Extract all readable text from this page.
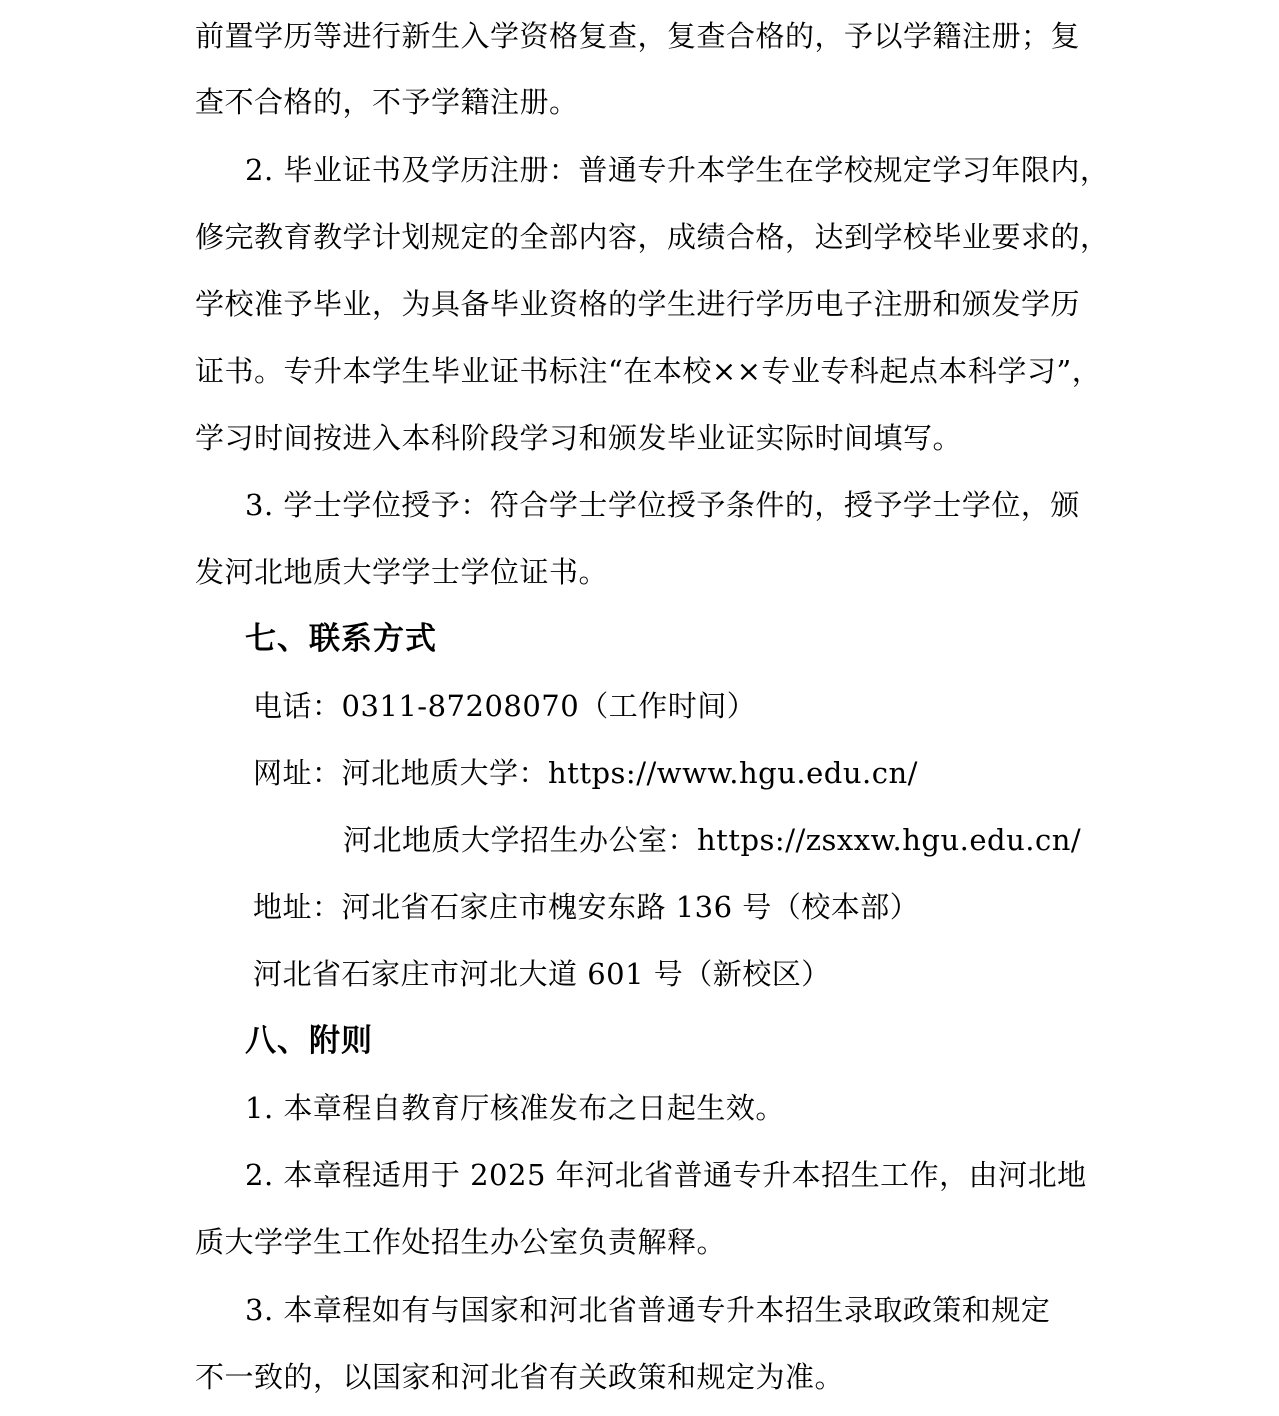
前置学历等进行新生入学资格复查，复查合格的，予以学籍注册；复
查不合格的，不予学籍注册。
2. 毕业证书及学历注册：普通专升本学生在学校规定学习年限内，
修完教育教学计划规定的全部内容，成绩合格，达到学校毕业要求的，
学校准予毕业，为具备毕业资格的学生进行学历电子注册和颁发学历
证书。专升本学生毕业证书标注“在本校××专业专科起点本科学习”，
学习时间按进入本科阶段学习和颁发毕业证实际时间填写。
3. 学士学位授予：符合学士学位授予条件的，授予学士学位，颁
发河北地质大学学士学位证书。
七、联系方式
电话：0311-87208070（工作时间）
网址：河北地质大学：https://www.hgu.edu.cn/
河北地质大学招生办公室：https://zsxxw.hgu.edu.cn/
地址：河北省石家庄市槐安东路 136 号（校本部）
河北省石家庄市河北大道 601 号（新校区）
八、附则
1. 本章程自教育厅核准发布之日起生效。
2. 本章程适用于 2025 年河北省普通专升本招生工作，由河北地
质大学学生工作处招生办公室负责解释。
3. 本章程如有与国家和河北省普通专升本招生录取政策和规定
不一致的，以国家和河北省有关政策和规定为准。
